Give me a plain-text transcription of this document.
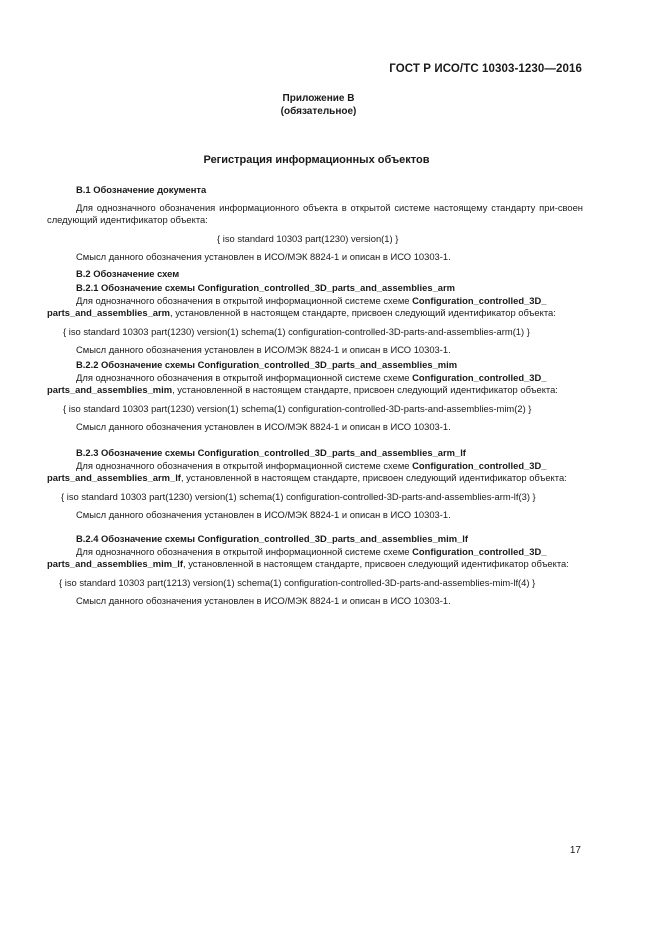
ГОСТ Р ИСО/ТС 10303-1230—2016
Приложение В
(обязательное)
Регистрация информационных объектов
В.1 Обозначение документа
Для однозначного обозначения информационного объекта в открытой системе настоящему стандарту при-своен следующий идентификатор объекта:
{ iso standard 10303 part(1230) version(1) }
Смысл данного обозначения установлен в ИСО/МЭК 8824-1 и описан в ИСО 10303-1.
В.2 Обозначение схем
В.2.1 Обозначение схемы Configuration_controlled_3D_parts_and_assemblies_arm
Для однозначного обозначения в открытой информационной системе схеме Configuration_controlled_3D_
parts_and_assemblies_arm, установленной в настоящем стандарте, присвоен следующий идентификатор объекта:
{ iso standard 10303 part(1230) version(1) schema(1) configuration-controlled-3D-parts-and-assemblies-arm(1) }
Смысл данного обозначения установлен в ИСО/МЭК 8824-1 и описан в ИСО 10303-1.
В.2.2 Обозначение схемы Configuration_controlled_3D_parts_and_assemblies_mim
Для однозначного обозначения в открытой информационной системе схеме Configuration_controlled_3D_
parts_and_assemblies_mim, установленной в настоящем стандарте, присвоен следующий идентификатор объекта:
{ iso standard 10303 part(1230) version(1) schema(1) configuration-controlled-3D-parts-and-assemblies-mim(2) }
Смысл данного обозначения установлен в ИСО/МЭК 8824-1 и описан в ИСО 10303-1.
В.2.3 Обозначение схемы Configuration_controlled_3D_parts_and_assemblies_arm_lf
Для однозначного обозначения в открытой информационной системе схеме Configuration_controlled_3D_
parts_and_assemblies_arm_lf, установленной в настоящем стандарте, присвоен следующий идентификатор объекта:
{ iso standard 10303 part(1230) version(1) schema(1) configuration-controlled-3D-parts-and-assemblies-arm-lf(3) }
Смысл данного обозначения установлен в ИСО/МЭК 8824-1 и описан в ИСО 10303-1.
В.2.4 Обозначение схемы Configuration_controlled_3D_parts_and_assemblies_mim_lf
Для однозначного обозначения в открытой информационной системе схеме Configuration_controlled_3D_
parts_and_assemblies_mim_lf, установленной в настоящем стандарте, присвоен следующий идентификатор объекта:
{ iso standard 10303 part(1213) version(1) schema(1) configuration-controlled-3D-parts-and-assemblies-mim-lf(4) }
Смысл данного обозначения установлен в ИСО/МЭК 8824-1 и описан в ИСО 10303-1.
17
